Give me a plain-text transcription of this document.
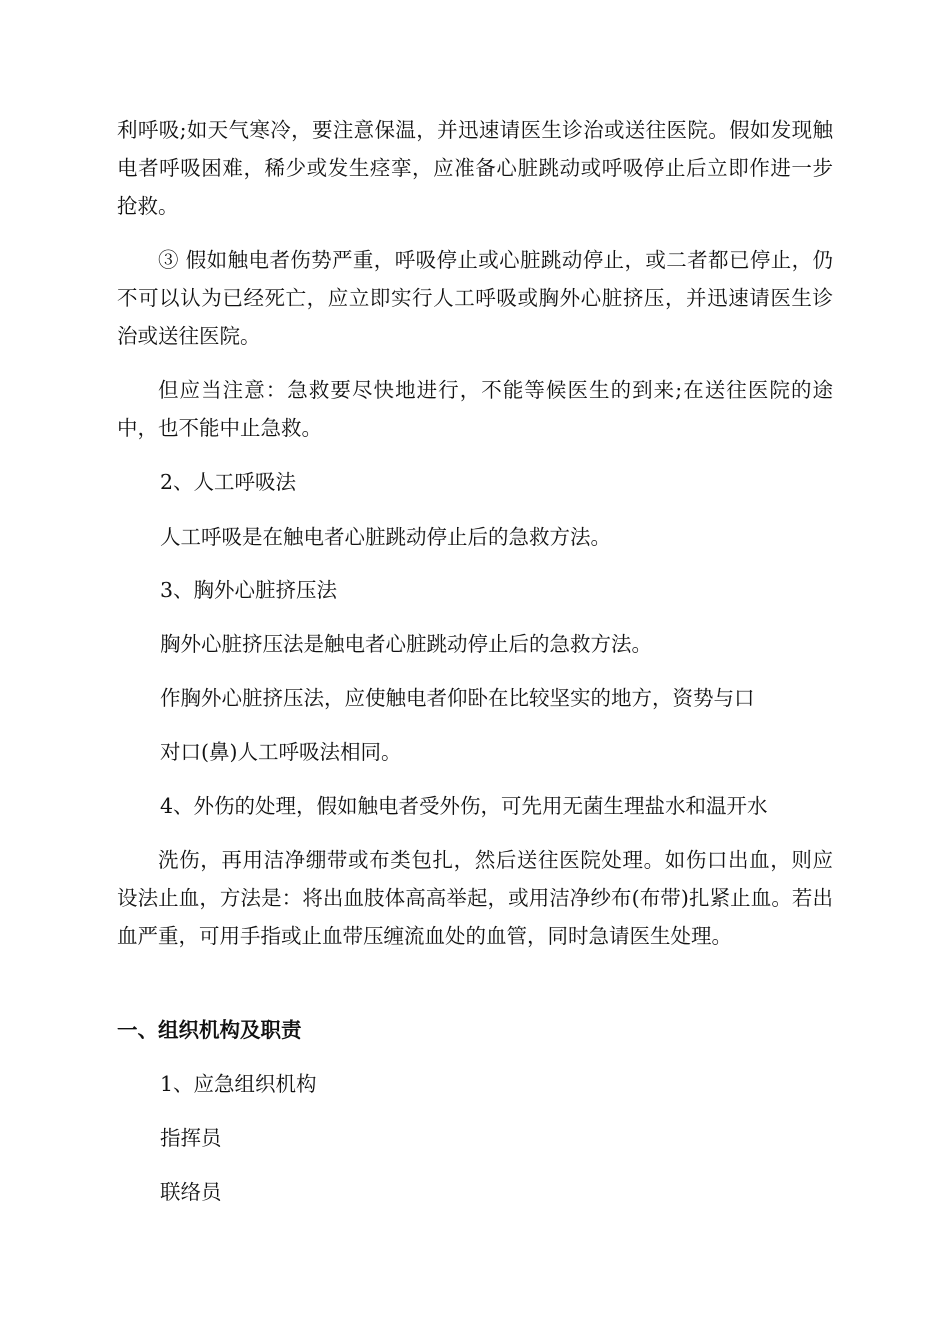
利呼吸;如天气寒冷，要注意保温，并迅速请医生诊治或送往医院。假如发现触电者呼吸困难，稀少或发生痉挛，应准备心脏跳动或呼吸停止后立即作进一步抢救。

③ 假如触电者伤势严重，呼吸停止或心脏跳动停止，或二者都已停止，仍不可以认为已经死亡，应立即实行人工呼吸或胸外心脏挤压，并迅速请医生诊治或送往医院。

但应当注意：急救要尽快地进行，不能等候医生的到来;在送往医院的途中，也不能中止急救。

2、人工呼吸法

人工呼吸是在触电者心脏跳动停止后的急救方法。

3、胸外心脏挤压法

胸外心脏挤压法是触电者心脏跳动停止后的急救方法。

作胸外心脏挤压法，应使触电者仰卧在比较坚实的地方，资势与口

对口(鼻)人工呼吸法相同。

4、外伤的处理，假如触电者受外伤，可先用无菌生理盐水和温开水

洗伤，再用洁净绷带或布类包扎，然后送往医院处理。如伤口出血，则应设法止血，方法是：将出血肢体高高举起，或用洁净纱布(布带)扎紧止血。若出血严重，可用手指或止血带压缠流血处的血管，同时急请医生处理。

一、组织机构及职责

1、应急组织机构

指挥员

联络员
